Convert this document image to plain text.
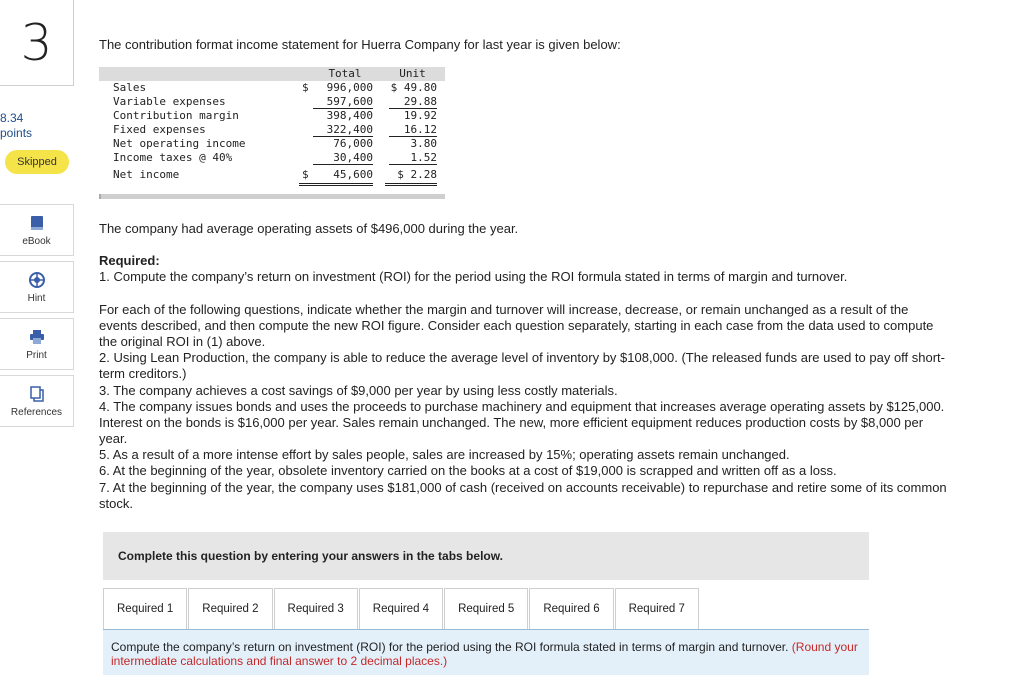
3
8.34
points
Skipped
eBook
Hint
Print
References
The contribution format income statement for Huerra Company for last year is given below:
Total	Unit
Sales	$	996,000 $ 49.80
Variable expenses	597,600	29.88
Contribution margin	398,400	19.92
Fixed expenses	322,400	16.12
Net operating income	76,000	3.80
Income taxes @ 40%	30,400	1.52
Net income	$	45,600	$ 2.28
The company had average operating assets of $496,000 during the year.
Required:
1. Compute the company’s return on investment (ROI) for the period using the ROI formula stated in terms of margin and turnover.
For each of the following questions, indicate whether the margin and turnover will increase, decrease, or remain unchanged as a result of the events described, and then compute the new ROI figure. Consider each question separately, starting in each case from the data used to compute the original ROI in (1) above.
2. Using Lean Production, the company is able to reduce the average level of inventory by $108,000. (The released funds are used to pay off short-term creditors.)
3. The company achieves a cost savings of $9,000 per year by using less costly materials.
4. The company issues bonds and uses the proceeds to purchase machinery and equipment that increases average operating assets by $125,000. Interest on the bonds is $16,000 per year. Sales remain unchanged. The new, more efficient equipment reduces production costs by $8,000 per year.
5. As a result of a more intense effort by sales people, sales are increased by 15%; operating assets remain unchanged.
6. At the beginning of the year, obsolete inventory carried on the books at a cost of $19,000 is scrapped and written off as a loss.
7. At the beginning of the year, the company uses $181,000 of cash (received on accounts receivable) to repurchase and retire some of its common stock.
Complete this question by entering your answers in the tabs below.
Required 1	Required 2	Required 3	Required 4	Required 5	Required 6	Required 7
Compute the company’s return on investment (ROI) for the period using the ROI formula stated in terms of margin and turnover. (Round your intermediate calculations and final answer to 2 decimal places.)
